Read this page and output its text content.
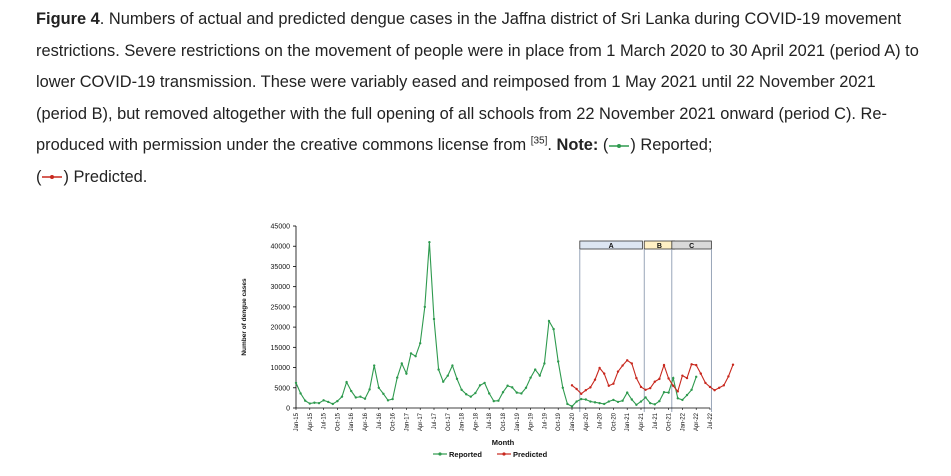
Figure 4. Numbers of actual and predicted dengue cases in the Jaffna district of Sri Lanka during COVID-19 movement restrictions. Severe restrictions on the movement of people were in place from 1 March 2020 to 30 April 2021 (period A) to lower COVID-19 transmission. These were variably eased and reimposed from 1 May 2021 until 22 November 2021 (period B), but removed altogether with the full opening of all schools from 22 November 2021 onward (period C). Re-produced with permission under the creative commons license from [35]. Note: ( ) Reported;
( ) Predicted.
A	B	C
0
5000
10000
15000
20000
25000
30000
35000
40000
45000
Jan-15 Apr-15 Jul-15 Oct-15 Jan-16 Apr-16 Jul-16 Oct-16 Jan-17 Apr-17 Jul-17 Oct-17 Jan-18 Apr-18 Jul-18 Oct-18 Jan-19 Apr-19 Jul-19 Oct-19 Jan-20 Apr-20 Jul-20 Oct-20 Jan-21 Apr-21 Jul-21 Oct-21 Jan-22 Apr-22 Jul-22
Number of dengue cases
Month
Reported	Predicted
